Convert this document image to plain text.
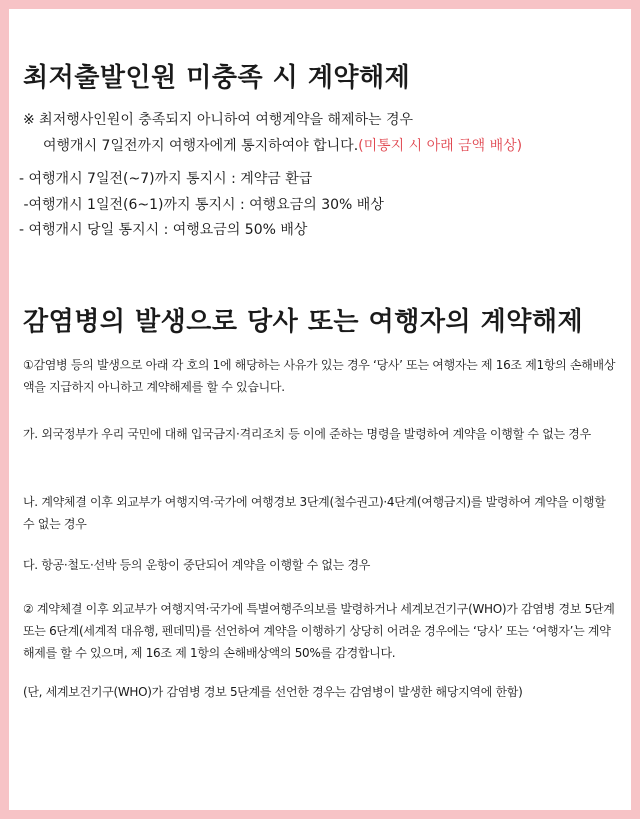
최저출발인원 미충족 시 계약해제
※ 최저행사인원이 충족되지 아니하여 여행계약을 해제하는 경우
여행개시 7일전까지 여행자에게 통지하여야 합니다.(미통지 시 아래 금액 배상)
- 여행개시 7일전(~7)까지 통지시 : 계약금 환급
-여행개시 1일전(6~1)까지 통지시 : 여행요금의 30% 배상
- 여행개시 당일 통지시 : 여행요금의 50% 배상
감염병의 발생으로 당사 또는 여행자의 계약해제
①감염병 등의 발생으로 아래 각 호의 1에 해당하는 사유가 있는 경우 ‘당사’ 또는 여행자는 제 16조 제1항의 손해배상액을 지급하지 아니하고 계약해제를 할 수 있습니다.
가. 외국정부가 우리 국민에 대해 입국금지·격리조치 등 이에 준하는 명령을 발령하여 계약을 이행할 수 없는 경우
나. 계약체결 이후 외교부가 여행지역·국가에 여행경보 3단계(철수권고)·4단계(여행금지)를 발령하여 계약을 이행할 수 없는 경우
다. 항공·철도·선박 등의 운항이 중단되어 계약을 이행할 수 없는 경우
② 계약체결 이후 외교부가 여행지역·국가에 특별여행주의보를 발령하거나 세계보건기구(WHO)가 감염병 경보 5단계 또는 6단계(세계적 대유행, 펜데믹)를 선언하여 계약을 이행하기 상당히 어려운 경우에는 ‘당사’ 또는 ‘여행자’는 계약해제를 할 수 있으며, 제 16조 제 1항의 손해배상액의 50%를 감경합니다.
(단, 세계보건기구(WHO)가 감염병 경보 5단계를 선언한 경우는 감염병이 발생한 해당지역에 한함)
